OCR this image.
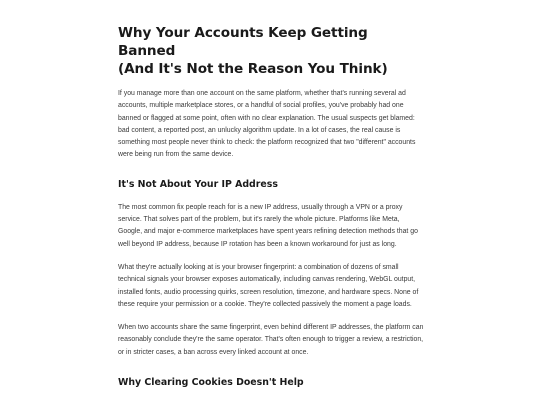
Why Your Accounts Keep Getting Banned
(And It's Not the Reason You Think)

If you manage more than one account on the same platform, whether that's running several ad accounts, multiple marketplace stores, or a handful of social profiles, you've probably had one banned or flagged at some point, often with no clear explanation. The usual suspects get blamed: bad content, a reported post, an unlucky algorithm update. In a lot of cases, the real cause is something most people never think to check: the platform recognized that two "different" accounts were being run from the same device.

It's Not About Your IP Address

The most common fix people reach for is a new IP address, usually through a VPN or a proxy service. That solves part of the problem, but it's rarely the whole picture. Platforms like Meta, Google, and major e-commerce marketplaces have spent years refining detection methods that go well beyond IP address, because IP rotation has been a known workaround for just as long.

What they're actually looking at is your browser fingerprint: a combination of dozens of small technical signals your browser exposes automatically, including canvas rendering, WebGL output, installed fonts, audio processing quirks, screen resolution, timezone, and hardware specs. None of these require your permission or a cookie. They're collected passively the moment a page loads.

When two accounts share the same fingerprint, even behind different IP addresses, the platform can reasonably conclude they're the same operator. That's often enough to trigger a review, a restriction, or in stricter cases, a ban across every linked account at once.

Why Clearing Cookies Doesn't Help
